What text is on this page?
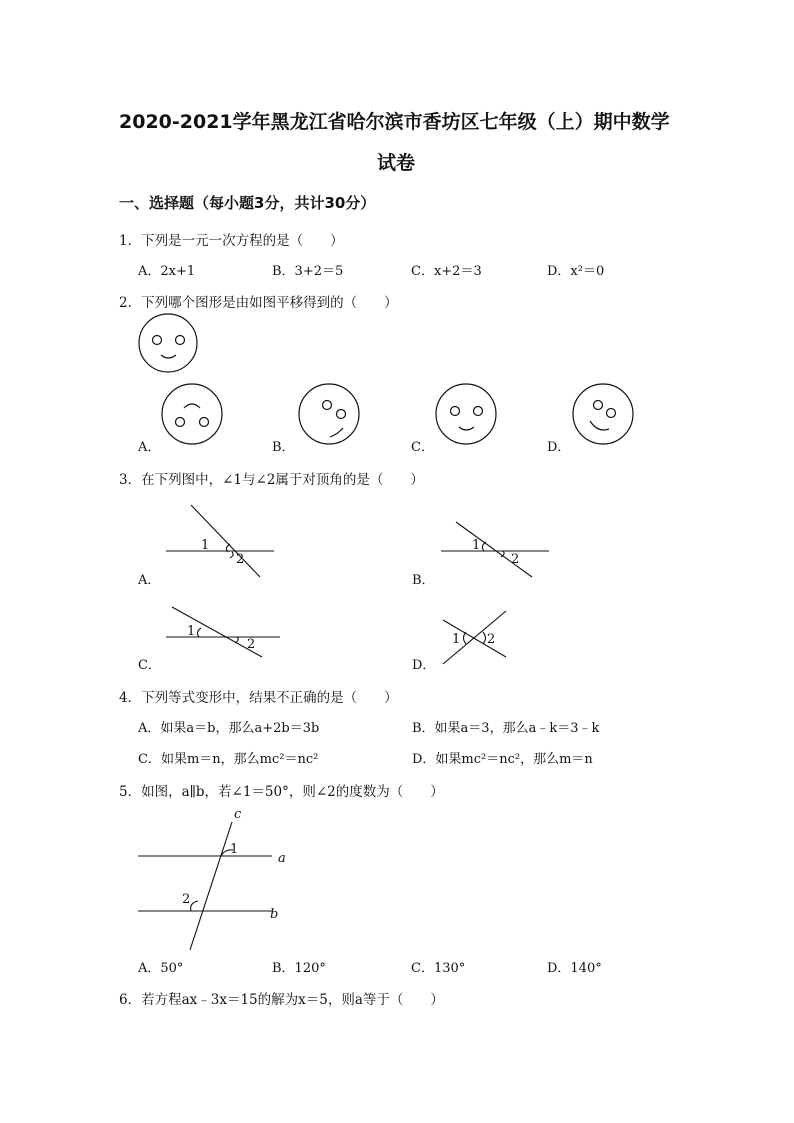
2020-2021学年黑龙江省哈尔滨市香坊区七年级（上）期中数学
试卷
一、选择题（每小题3分，共计30分）
1．下列是一元一次方程的是（　　）
A．2x+1	B．3+2＝5	C．x+2＝3	D．x²＝0
2．下列哪个图形是由如图平移得到的（　　）
A．	B．	C．	D．
3．在下列图中，∠1与∠2属于对顶角的是（　　）
1
2
1
2
1
2	1 2
A．	B．
C．	D．
4．下列等式变形中，结果不正确的是（　　）
A．如果a＝b，那么a+2b＝3b	B．如果a＝3，那么a﹣k＝3﹣k
C．如果m＝n，那么mc²＝nc²	D．如果mc²＝nc²，那么m＝n
5．如图，a∥b，若∠1＝50°，则∠2的度数为（　　）
c
a
b
1
2
A．50°	B．120°	C．130°	D．140°
6．若方程ax﹣3x＝15的解为x＝5，则a等于（　　）
